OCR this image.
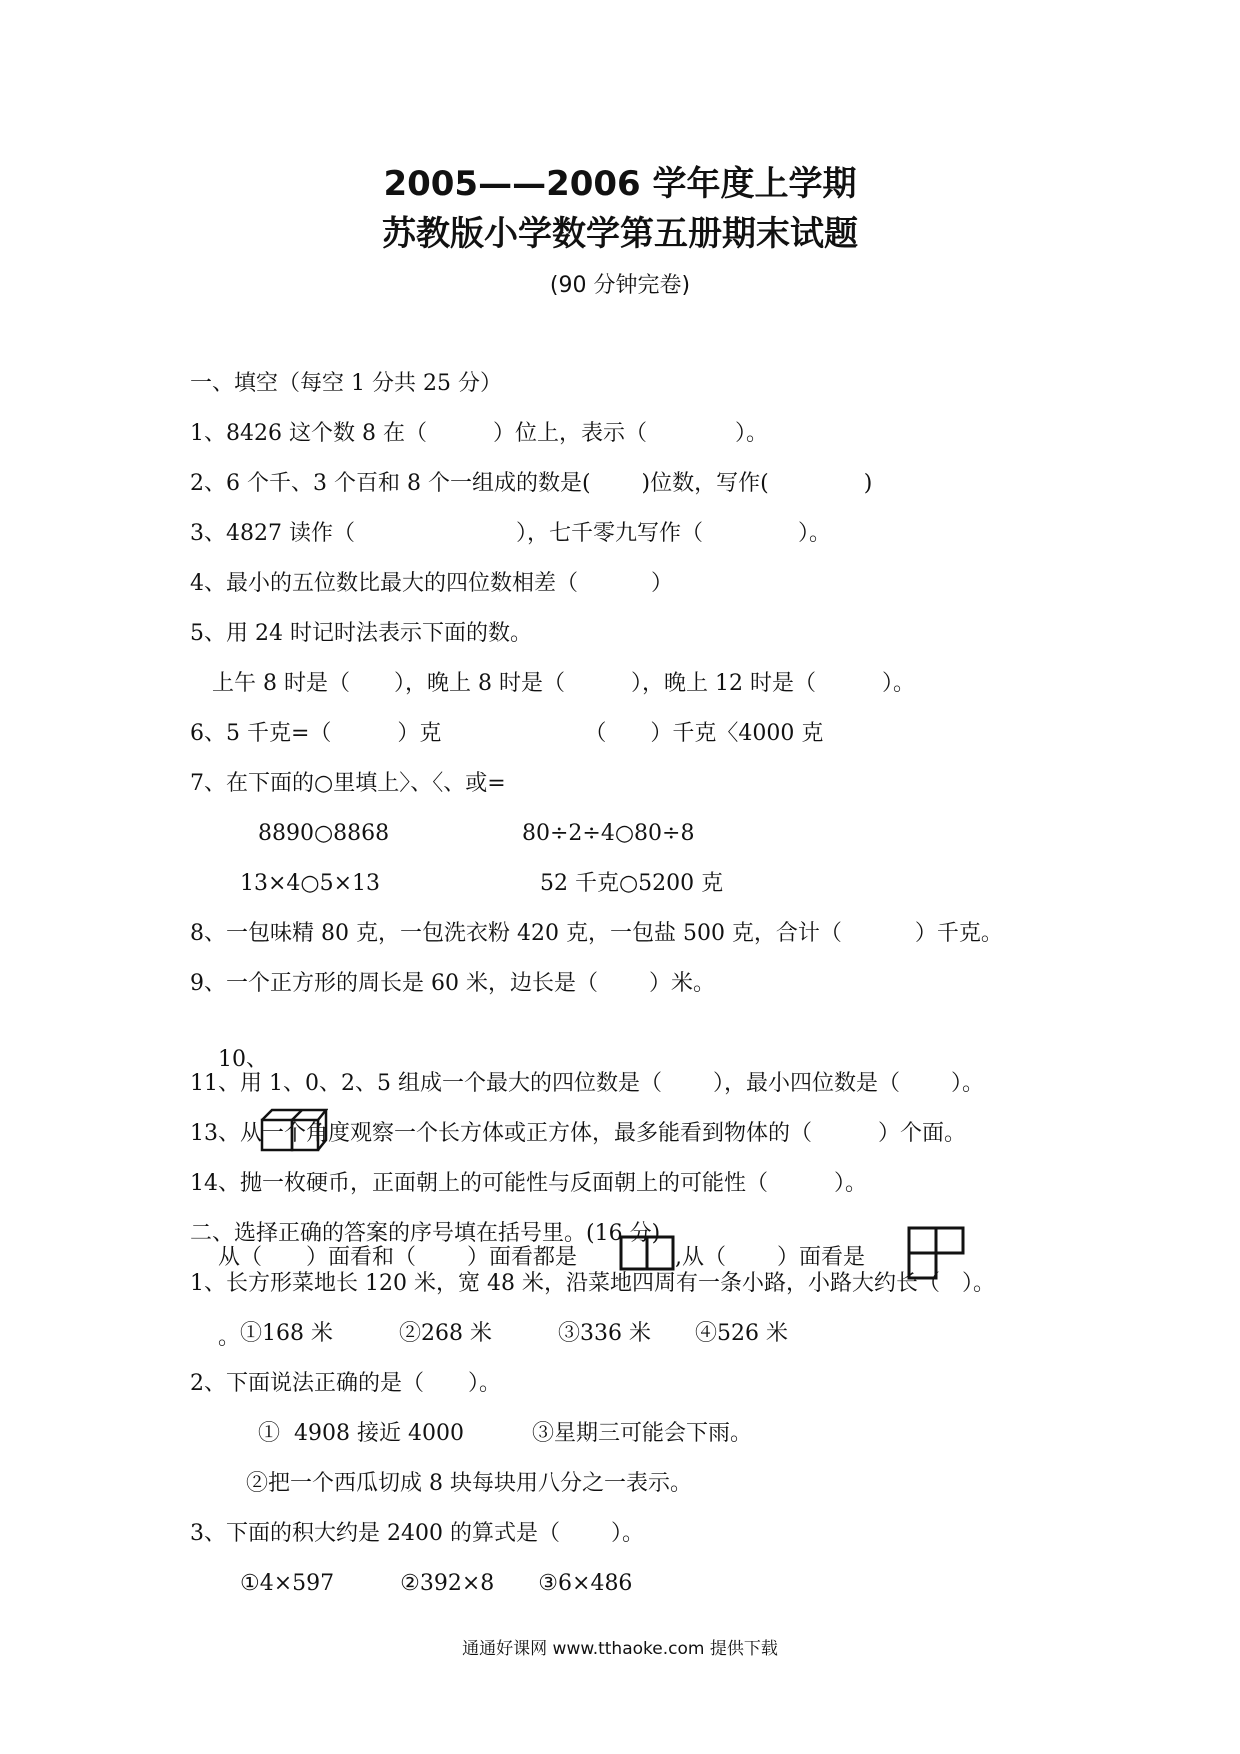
2005——2006 学年度上学期
苏教版小学数学第五册期末试题
(90 分钟完卷)
一、填空（每空 1 分共 25 分）
1、8426 这个数 8 在（　　　）位上，表示（　　　　）。
2、6 个千、3 个百和 8 个一组成的数是(　　 )位数，写作(　　　　 )
3、4827 读作（　　　　　　　 ），七千零九写作（　　　　 ）。
4、最小的五位数比最大的四位数相差（　　　 ）
5、用 24 时记时法表示下面的数。
上午 8 时是（　　），晚上 8 时是（　　　），晚上 12 时是（　　　）。
6、5 千克=（　　　）克　　　　　　　（　　）千克〈4000 克
7、在下面的○里填上〉、〈、或=
8890○8868	80÷2÷4○80÷8
13×4○5×13	52 千克○5200 克
8、一包味精 80 克，一包洗衣粉 420 克，一包盐 500 克，合计（　　　 ）千克。
9、一个正方形的周长是 60 米，边长是（　　 ）米。

10、

从（　　）面看和（　　 ）面看都是
	,从（　　 ）面看是

。

11、用 1、0、2、5 组成一个最大的四位数是（　　 ），最小四位数是（　　 ）。
13、从一个角度观察一个长方体或正方体，最多能看到物体的（　　　）个面。
14、抛一枚硬币，正面朝上的可能性与反面朝上的可能性（　　　）。
二、选择正确的答案的序号填在括号里。(16 分)
1、长方形菜地长 120 米，宽 48 米，沿菜地四周有一条小路，小路大约长（　）。
①168 米　　　②268 米　　　③336 米　　④526 米
2、下面说法正确的是（　　）。
①  4908 接近 4000	③星期三可能会下雨。
②把一个西瓜切成 8 块每块用八分之一表示。
3、下面的积大约是 2400 的算式是（　　 ）。
①4×597　　　②392×8　　③6×486
通通好课网 www.tthaoke.com 提供下载
